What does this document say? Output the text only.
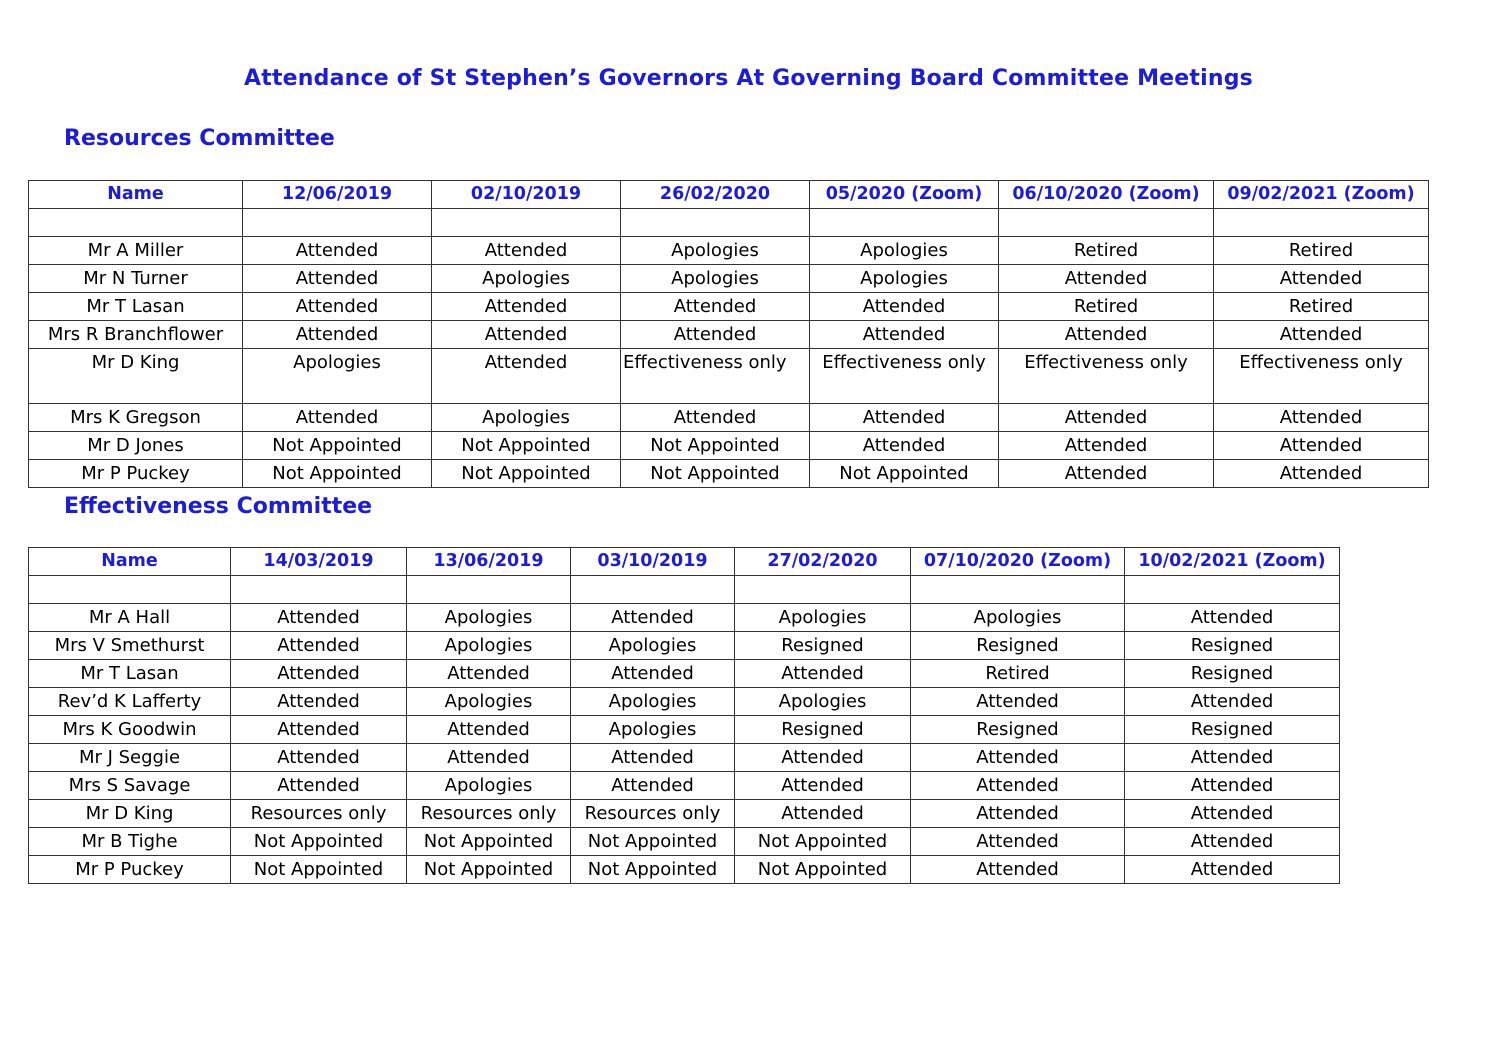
Attendance of St Stephen’s Governors At Governing Board Committee Meetings
Resources Committee
Name	12/06/2019	02/10/2019	26/02/2020	05/2020 (Zoom)	06/10/2020 (Zoom)	09/02/2021 (Zoom)

Mr A Miller	Attended	Attended	Apologies	Apologies	Retired	Retired
Mr N Turner	Attended	Apologies	Apologies	Apologies	Attended	Attended
Mr T Lasan	Attended	Attended	Attended	Attended	Retired	Retired
Mrs R Branchflower	Attended	Attended	Attended	Attended	Attended	Attended
Mr D King	Apologies	Attended	Effectiveness only	Effectiveness only	Effectiveness only	Effectiveness only
Mrs K Gregson	Attended	Apologies	Attended	Attended	Attended	Attended
Mr D Jones	Not Appointed	Not Appointed	Not Appointed	Attended	Attended	Attended
Mr P Puckey	Not Appointed	Not Appointed	Not Appointed	Not Appointed	Attended	Attended
Effectiveness Committee
Name	14/03/2019	13/06/2019	03/10/2019	27/02/2020	07/10/2020 (Zoom)	10/02/2021 (Zoom)

Mr A Hall	Attended	Apologies	Attended	Apologies	Apologies	Attended
Mrs V Smethurst	Attended	Apologies	Apologies	Resigned	Resigned	Resigned
Mr T Lasan	Attended	Attended	Attended	Attended	Retired	Resigned
Rev’d K Lafferty	Attended	Apologies	Apologies	Apologies	Attended	Attended
Mrs K Goodwin	Attended	Attended	Apologies	Resigned	Resigned	Resigned
Mr J Seggie	Attended	Attended	Attended	Attended	Attended	Attended
Mrs S Savage	Attended	Apologies	Attended	Attended	Attended	Attended
Mr D King	Resources only	Resources only	Resources only	Attended	Attended	Attended
Mr B Tighe	Not Appointed	Not Appointed	Not Appointed	Not Appointed	Attended	Attended
Mr P Puckey	Not Appointed	Not Appointed	Not Appointed	Not Appointed	Attended	Attended
